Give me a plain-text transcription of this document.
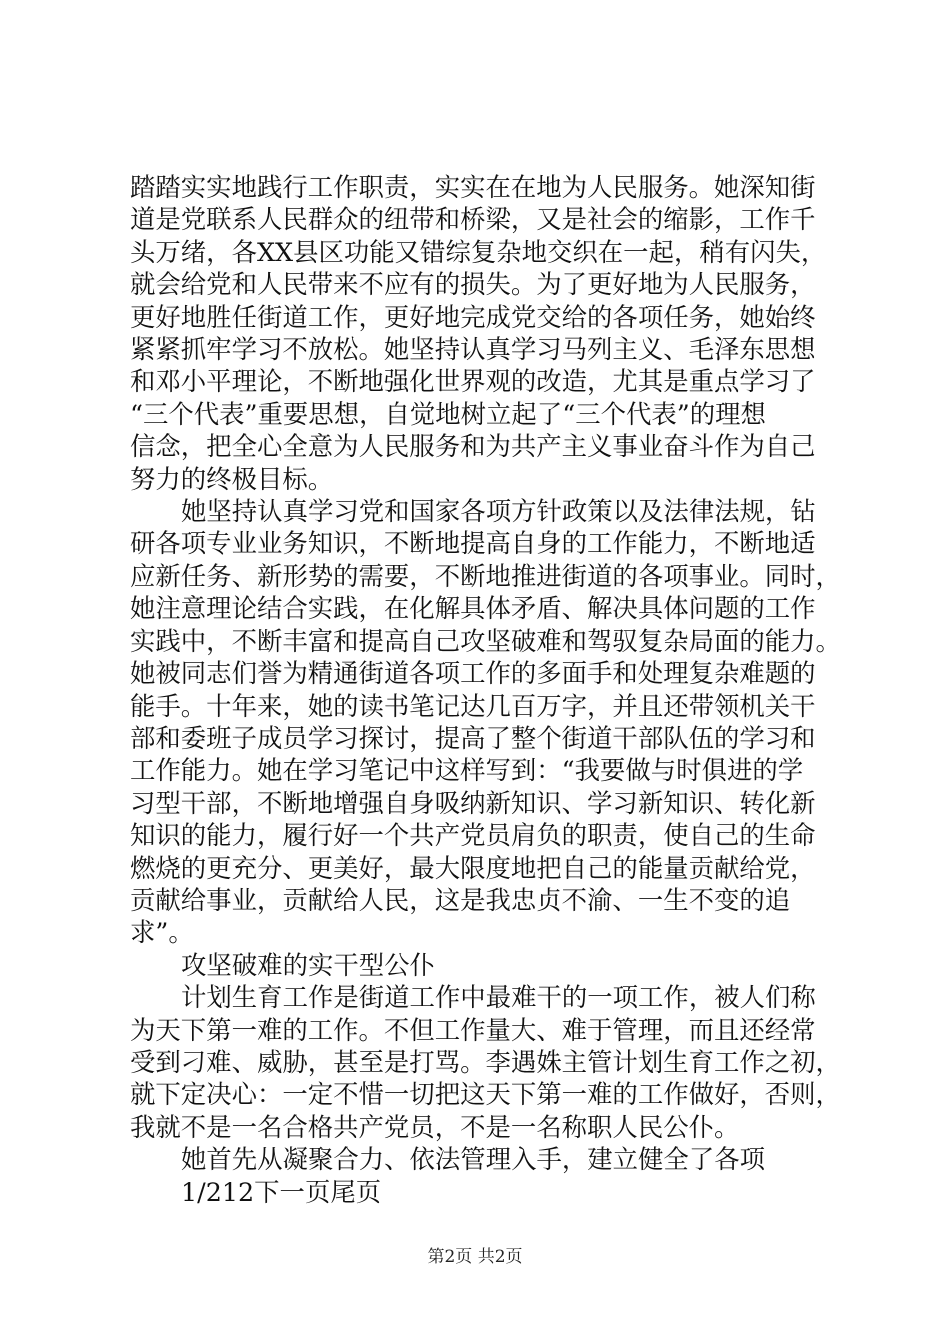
踏踏实实地践行工作职责，实实在在地为人民服务。她深知街
道是党联系人民群众的纽带和桥梁，又是社会的缩影，工作千
头万绪，各XX县区功能又错综复杂地交织在一起，稍有闪失，
就会给党和人民带来不应有的损失。为了更好地为人民服务，
更好地胜任街道工作，更好地完成党交给的各项任务，她始终
紧紧抓牢学习不放松。她坚持认真学习马列主义、毛泽东思想
和邓小平理论，不断地强化世界观的改造，尤其是重点学习了
“三个代表”重要思想，自觉地树立起了“三个代表”的理想
信念，把全心全意为人民服务和为共产主义事业奋斗作为自己
努力的终极目标。
她坚持认真学习党和国家各项方针政策以及法律法规，钻
研各项专业业务知识，不断地提高自身的工作能力，不断地适
应新任务、新形势的需要，不断地推进街道的各项事业。同时，
她注意理论结合实践，在化解具体矛盾、解决具体问题的工作
实践中，不断丰富和提高自己攻坚破难和驾驭复杂局面的能力。
她被同志们誉为精通街道各项工作的多面手和处理复杂难题的
能手。十年来，她的读书笔记达几百万字，并且还带领机关干
部和委班子成员学习探讨，提高了整个街道干部队伍的学习和
工作能力。她在学习笔记中这样写到：“我要做与时俱进的学
习型干部，不断地增强自身吸纳新知识、学习新知识、转化新
知识的能力，履行好一个共产党员肩负的职责，使自己的生命
燃烧的更充分、更美好，最大限度地把自己的能量贡献给党，
贡献给事业，贡献给人民，这是我忠贞不渝、一生不变的追
求”。
攻坚破难的实干型公仆
计划生育工作是街道工作中最难干的一项工作，被人们称
为天下第一难的工作。不但工作量大、难于管理，而且还经常
受到刁难、威胁，甚至是打骂。李遇姝主管计划生育工作之初，
就下定决心：一定不惜一切把这天下第一难的工作做好，否则，
我就不是一名合格共产党员，不是一名称职人民公仆。
她首先从凝聚合力、依法管理入手，建立健全了各项
1/212下一页尾页
第2页 共2页
